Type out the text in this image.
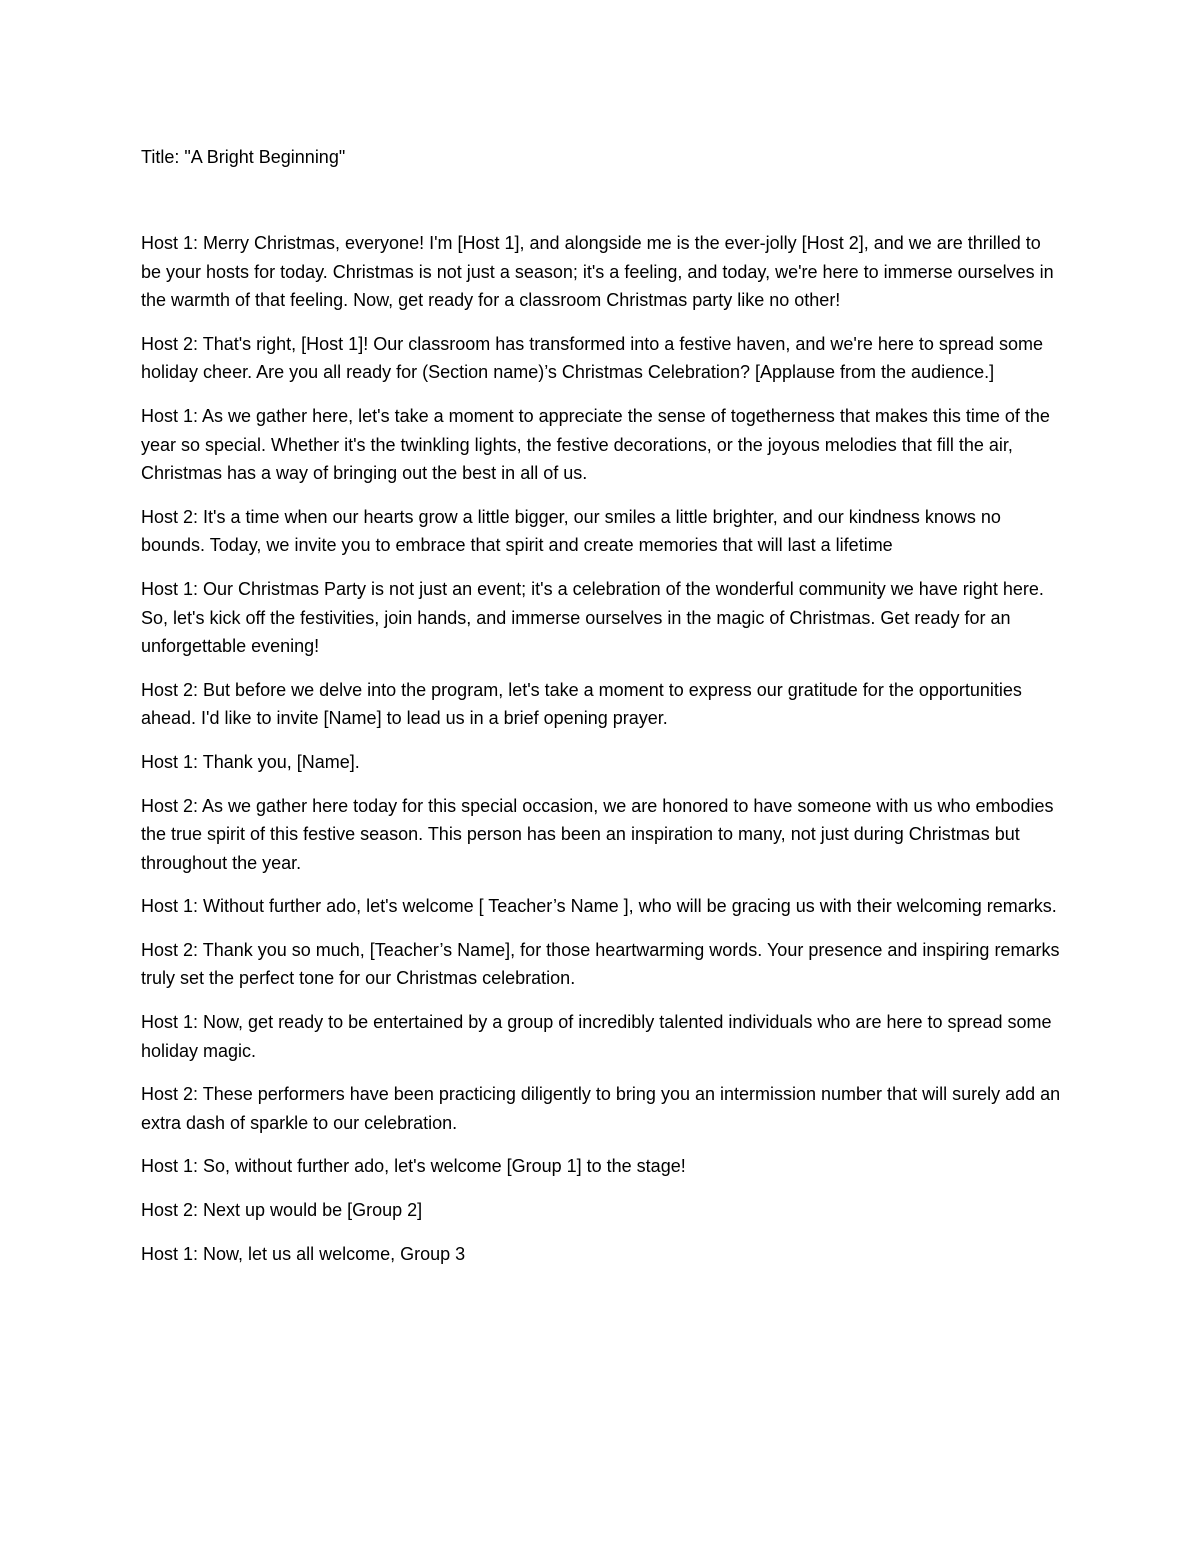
Title: "A Bright Beginning"

Host 1: Merry Christmas, everyone! I'm [Host 1], and alongside me is the ever-jolly [Host 2], and we are thrilled to be your hosts for today. Christmas is not just a season; it's a feeling, and today, we're here to immerse ourselves in the warmth of that feeling. Now, get ready for a classroom Christmas party like no other!

Host 2: That's right, [Host 1]! Our classroom has transformed into a festive haven, and we're here to spread some holiday cheer. Are you all ready for (Section name)’s Christmas Celebration? [Applause from the audience.]

Host 1: As we gather here, let's take a moment to appreciate the sense of togetherness that makes this time of the year so special. Whether it's the twinkling lights, the festive decorations, or the joyous melodies that fill the air, Christmas has a way of bringing out the best in all of us.

Host 2: It's a time when our hearts grow a little bigger, our smiles a little brighter, and our kindness knows no bounds. Today, we invite you to embrace that spirit and create memories that will last a lifetime

Host 1: Our Christmas Party is not just an event; it's a celebration of the wonderful community we have right here. So, let's kick off the festivities, join hands, and immerse ourselves in the magic of Christmas. Get ready for an unforgettable evening!

Host 2: But before we delve into the program, let's take a moment to express our gratitude for the opportunities ahead. I'd like to invite [Name] to lead us in a brief opening prayer.

Host 1: Thank you, [Name].

Host 2: As we gather here today for this special occasion, we are honored to have someone with us who embodies the true spirit of this festive season. This person has been an inspiration to many, not just during Christmas but throughout the year.

Host 1: Without further ado, let's welcome [ Teacher’s Name ], who will be gracing us with their welcoming remarks.

Host 2: Thank you so much, [Teacher’s Name], for those heartwarming words. Your presence and inspiring remarks truly set the perfect tone for our Christmas celebration.

Host 1: Now, get ready to be entertained by a group of incredibly talented individuals who are here to spread some holiday magic.

Host 2: These performers have been practicing diligently to bring you an intermission number that will surely add an extra dash of sparkle to our celebration.

Host 1: So, without further ado, let's welcome [Group 1] to the stage!

Host 2: Next up would be [Group 2]

Host 1: Now, let us all welcome, Group 3
